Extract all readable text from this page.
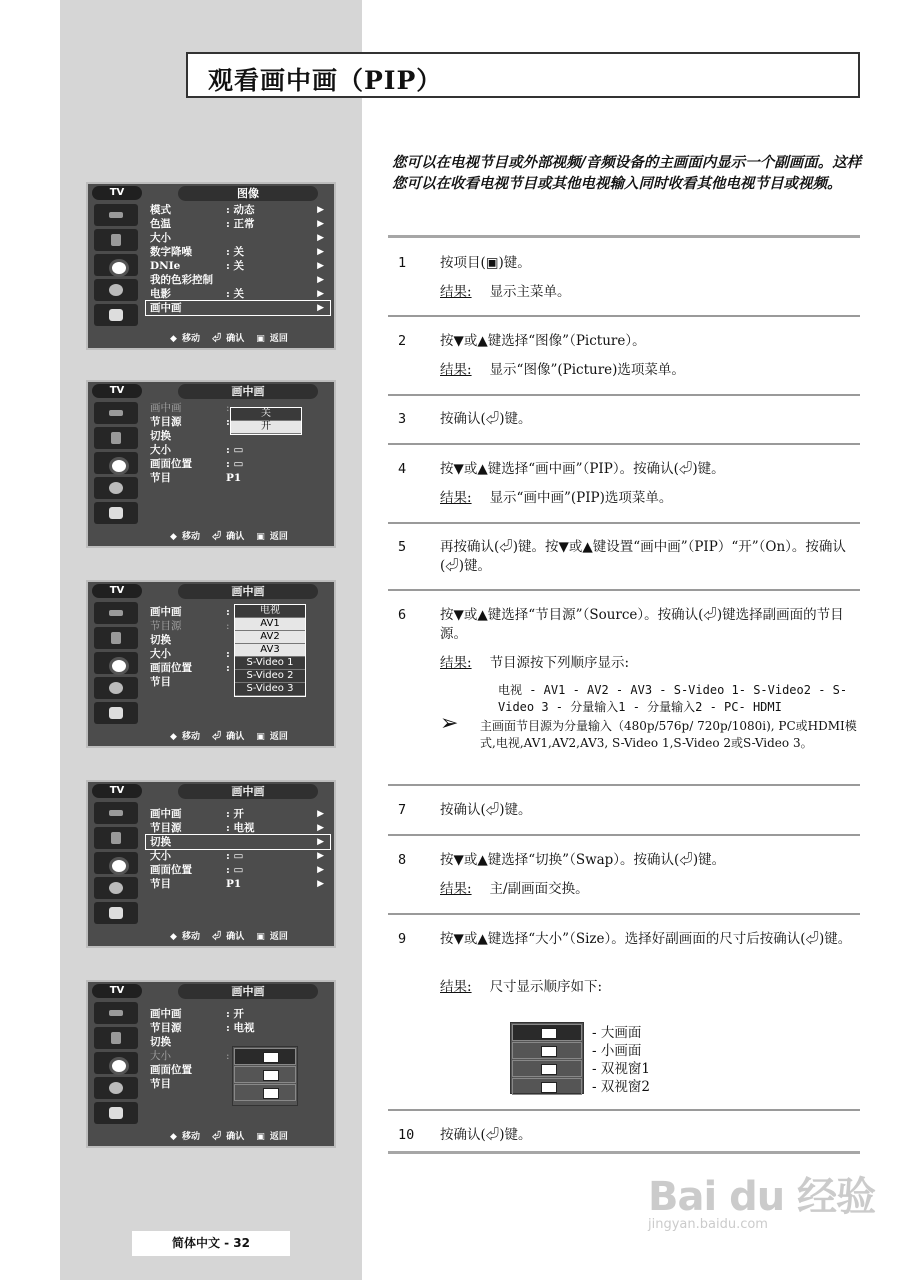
观看画中画（PIP）
您可以在电视节目或外部视频/音频设备的主画面内显示一个副画面。这样您可以在收看电视节目或其他电视输入同时收看其他电视节目或视频。
TV	图像
模式	: 动态	▶
色温	: 正常	▶
大小	▶
数字降噪	: 关	▶
DNIe	: 关	▶
我的色彩控制	▶
电影	: 关	▶
画中画	▶
◆ 移动 ⏎ 确认 ▣ 返回
TV	画中画
画中画	:
节目源	:
切换
大小	: ▭
画面位置	: ▭
节目	P1
关
开
◆ 移动 ⏎ 确认 ▣ 返回
TV	画中画
画中画	:
节目源	:
切换
大小	:
画面位置	:
节目
电视
AV1
AV2
AV3
S-Video 1
S-Video 2
S-Video 3
◆ 移动 ⏎ 确认 ▣ 返回
TV	画中画
画中画	: 开	▶
节目源	: 电视	▶
切换	▶
大小	: ▭	▶
画面位置	: ▭	▶
节目	P1	▶
◆ 移动 ⏎ 确认 ▣ 返回
TV	画中画
画中画	: 开
节目源	: 电视
切换
大小	:
画面位置
节目
◆ 移动 ⏎ 确认 ▣ 返回
1	按项目(▣)键。
结果: 显示主菜单。
2	按▼或▲键选择“图像”（Picture）。
结果: 显示“图像”(Picture)选项菜单。
3	按确认(⏎)键。
4	按▼或▲键选择“画中画”（PIP）。按确认(⏎)键。
结果: 显示“画中画”(PIP)选项菜单。
5	再按确认(⏎)键。按▼或▲键设置“画中画”（PIP）“开”（On）。按确认(⏎)键。
6	按▼或▲键选择“节目源”（Source）。按确认(⏎)键选择副画面的节目源。
结果: 节目源按下列顺序显示:
电视 - AV1 - AV2 - AV3 - S-Video 1- S-Video2 - S-Video 3 - 分量输入1 - 分量输入2 - PC- HDMI
➢ 主画面节目源为分量输入（480p/576p/ 720p/1080i), PC或HDMI模式,电视,AV1,AV2,AV3, S-Video 1,S-Video 2或S-Video 3。
7	按确认(⏎)键。
8	按▼或▲键选择“切换”（Swap）。按确认(⏎)键。
结果: 主/副画面交换。
9	按▼或▲键选择“大小”（Size）。选择好副画面的尺寸后按确认(⏎)键。
结果: 尺寸显示顺序如下:
- 大画面
- 小画面
- 双视窗1
- 双视窗2
10 按确认(⏎)键。
简体中文 - 32
Bai du 经验
jingyan.baidu.com
